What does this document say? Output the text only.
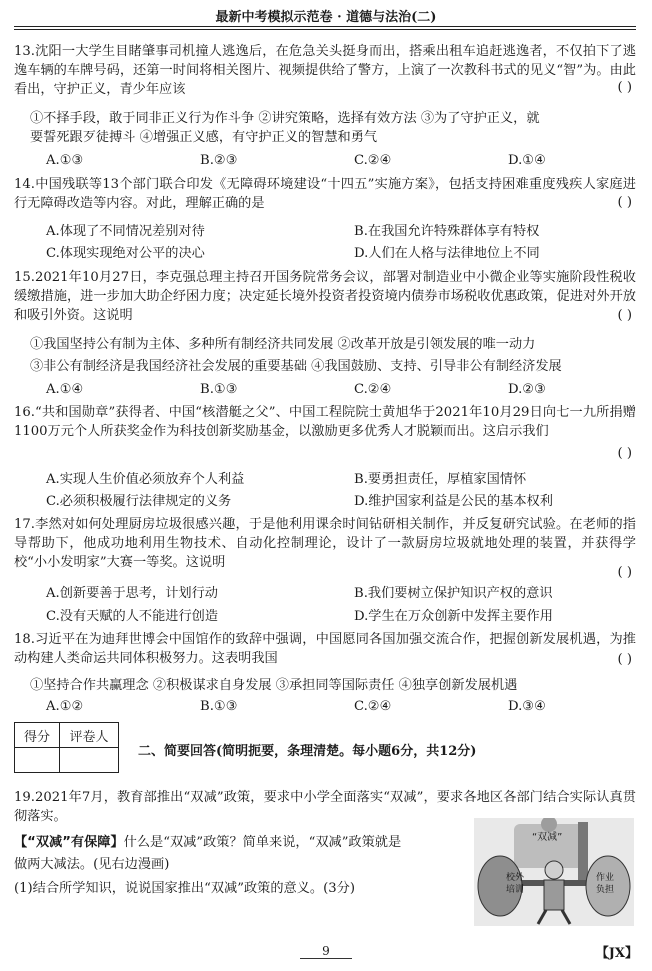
最新中考模拟示范卷 · 道德与法治(二)
13.沈阳一大学生目睹肇事司机撞人逃逸后，在危急关头挺身而出，搭乘出租车追赶逃逸者，不仅拍下了逃逸车辆的车牌号码，还第一时间将相关图片、视频提供给了警方，上演了一次教科书式的见义“智”为。由此看出，守护正义，青少年应该	( )
①不择手段，敢于同非正义行为作斗争 ②讲究策略，选择有效方法 ③为了守护正义，就
要誓死跟歹徒搏斗 ④增强正义感，有守护正义的智慧和勇气
A.①③	B.②③	C.②④	D.①④
14.中国残联等13个部门联合印发《无障碍环境建设“十四五”实施方案》，包括支持困难重度残疾人家庭进行无障碍改造等内容。对此，理解正确的是	( )
A.体现了不同情况差别对待	B.在我国允许特殊群体享有特权
C.体现实现绝对公平的决心	D.人们在人格与法律地位上不同
15.2021年10月27日，李克强总理主持召开国务院常务会议，部署对制造业中小微企业等实施阶段性税收缓缴措施，进一步加大助企纾困力度；决定延长境外投资者投资境内债券市场税收优惠政策，促进对外开放和吸引外资。这说明	( )
①我国坚持公有制为主体、多种所有制经济共同发展 ②改革开放是引领发展的唯一动力
③非公有制经济是我国经济社会发展的重要基础 ④我国鼓励、支持、引导非公有制经济发展
A.①④	B.①③	C.②④	D.②③
16.“共和国勋章”获得者、中国“核潜艇之父”、中国工程院院士黄旭华于2021年10月29日向七一九所捐赠1100万元个人所获奖金作为科技创新奖励基金，以激励更多优秀人才脱颖而出。这启示我们
( )
A.实现人生价值必须放弃个人利益	B.要勇担责任，厚植家国情怀
C.必须积极履行法律规定的义务	D.维护国家利益是公民的基本权利
17.李然对如何处理厨房垃圾很感兴趣，于是他利用课余时间钻研相关制作，并反复研究试验。在老师的指导帮助下，他成功地利用生物技术、自动化控制理论，设计了一款厨房垃圾就地处理的装置，并获得学校“小小发明家”大赛一等奖。这说明
( )
A.创新要善于思考，计划行动	B.我们要树立保护知识产权的意识
C.没有天赋的人不能进行创造	D.学生在万众创新中发挥主要作用
18.习近平在为迪拜世博会中国馆作的致辞中强调，中国愿同各国加强交流合作，把握创新发展机遇，为推动构建人类命运共同体积极努力。这表明我国	( )
①坚持合作共赢理念 ②积极谋求自身发展 ③承担同等国际责任 ④独享创新发展机遇
A.①②	B.①③	C.②④	D.③④
得分	评卷人

二、简要回答(简明扼要，条理清楚。每小题6分，共12分)
19.2021年7月，教育部推出“双减”政策，要求中小学全面落实“双减”，要求各地区各部门结合实际认真贯彻落实。
【“双减”有保障】什么是“双减”政策？简单来说，“双减”政策就是
做两大减法。(见右边漫画)
(1)结合所学知识，说说国家推出“双减”政策的意义。(3分)
“双减”
校外培训
作业负担
9	【JX】
